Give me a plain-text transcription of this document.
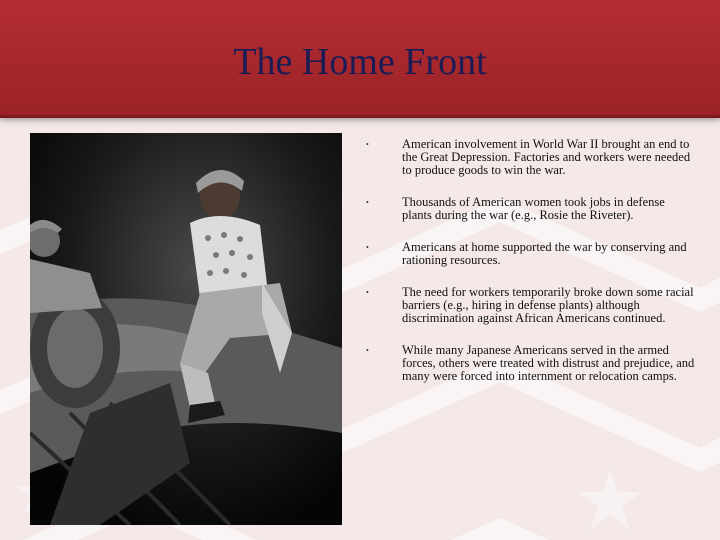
The Home Front
•	American involvement in World War II brought an end to the Great Depression. Factories and workers were needed to produce goods to win the war.
•	Thousands of American women took jobs in defense plants during the war (e.g., Rosie the Riveter).
•	Americans at home supported the war by conserving and rationing resources.
•	The need for workers temporarily broke down some racial barriers (e.g., hiring in defense plants) although discrimination against African Americans continued.
•	While many Japanese Americans served in the armed forces, others were treated with distrust and prejudice, and many were forced into internment or relocation camps.
